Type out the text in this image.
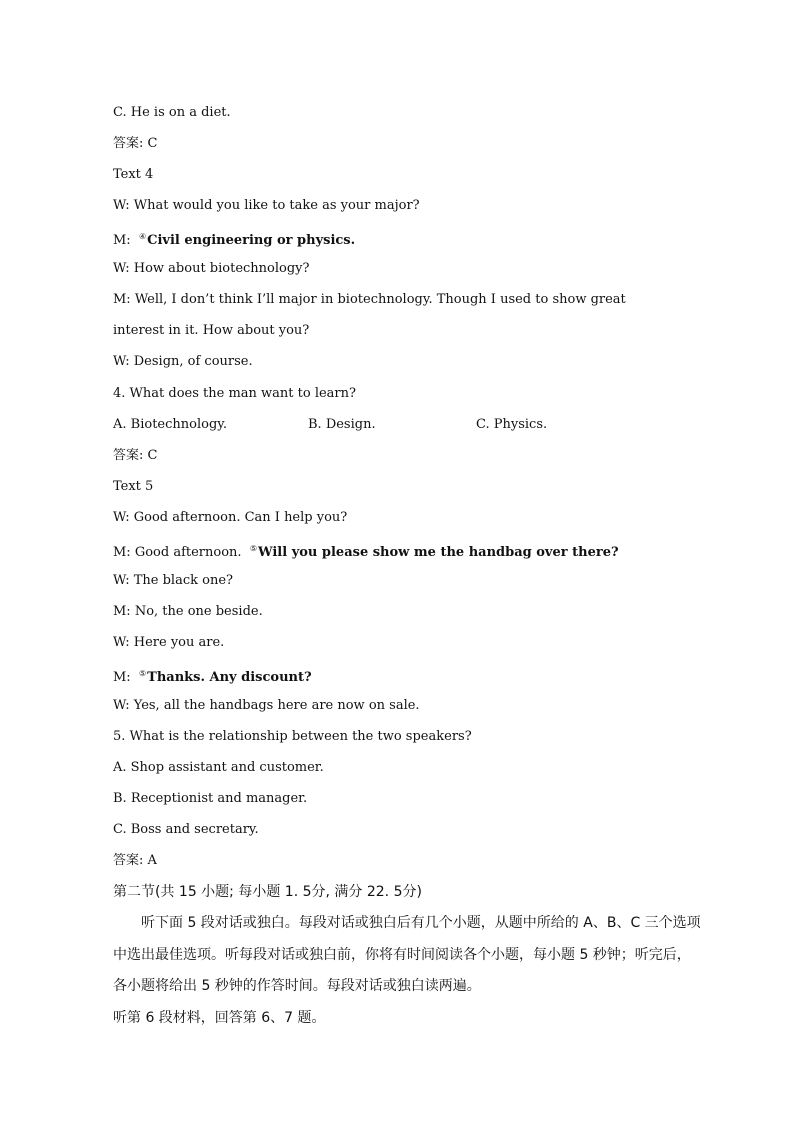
C. He is on a diet.
答案: C
Text 4
W: What would you like to take as your major?
M:  ④Civil engineering or physics.
W: How about biotechnology?
M: Well, I don’t think I’ll major in biotechnology. Though I used to show great
interest in it. How about you?
W: Design, of course.
4. What does the man want to learn?
A. Biotechnology.	B. Design.	C. Physics.
答案: C
Text 5
W: Good afternoon. Can I help you?
M: Good afternoon.  ⑤Will you please show me the handbag over there?
W: The black one?
M: No, the one beside.
W: Here you are.
M:  ⑤Thanks. Any discount?
W: Yes, all the handbags here are now on sale.
5. What is the relationship between the two speakers?
A. Shop assistant and customer.
B. Receptionist and manager.
C. Boss and secretary.
答案: A
第二节(共 15 小题; 每小题 1. 5分, 满分 22. 5分)
听下面 5 段对话或独白。每段对话或独白后有几个小题，从题中所给的 A、B、C 三个选项
中选出最佳选项。听每段对话或独白前，你将有时间阅读各个小题，每小题 5 秒钟；听完后，
各小题将给出 5 秒钟的作答时间。每段对话或独白读两遍。
听第 6 段材料，回答第 6、7 题。
